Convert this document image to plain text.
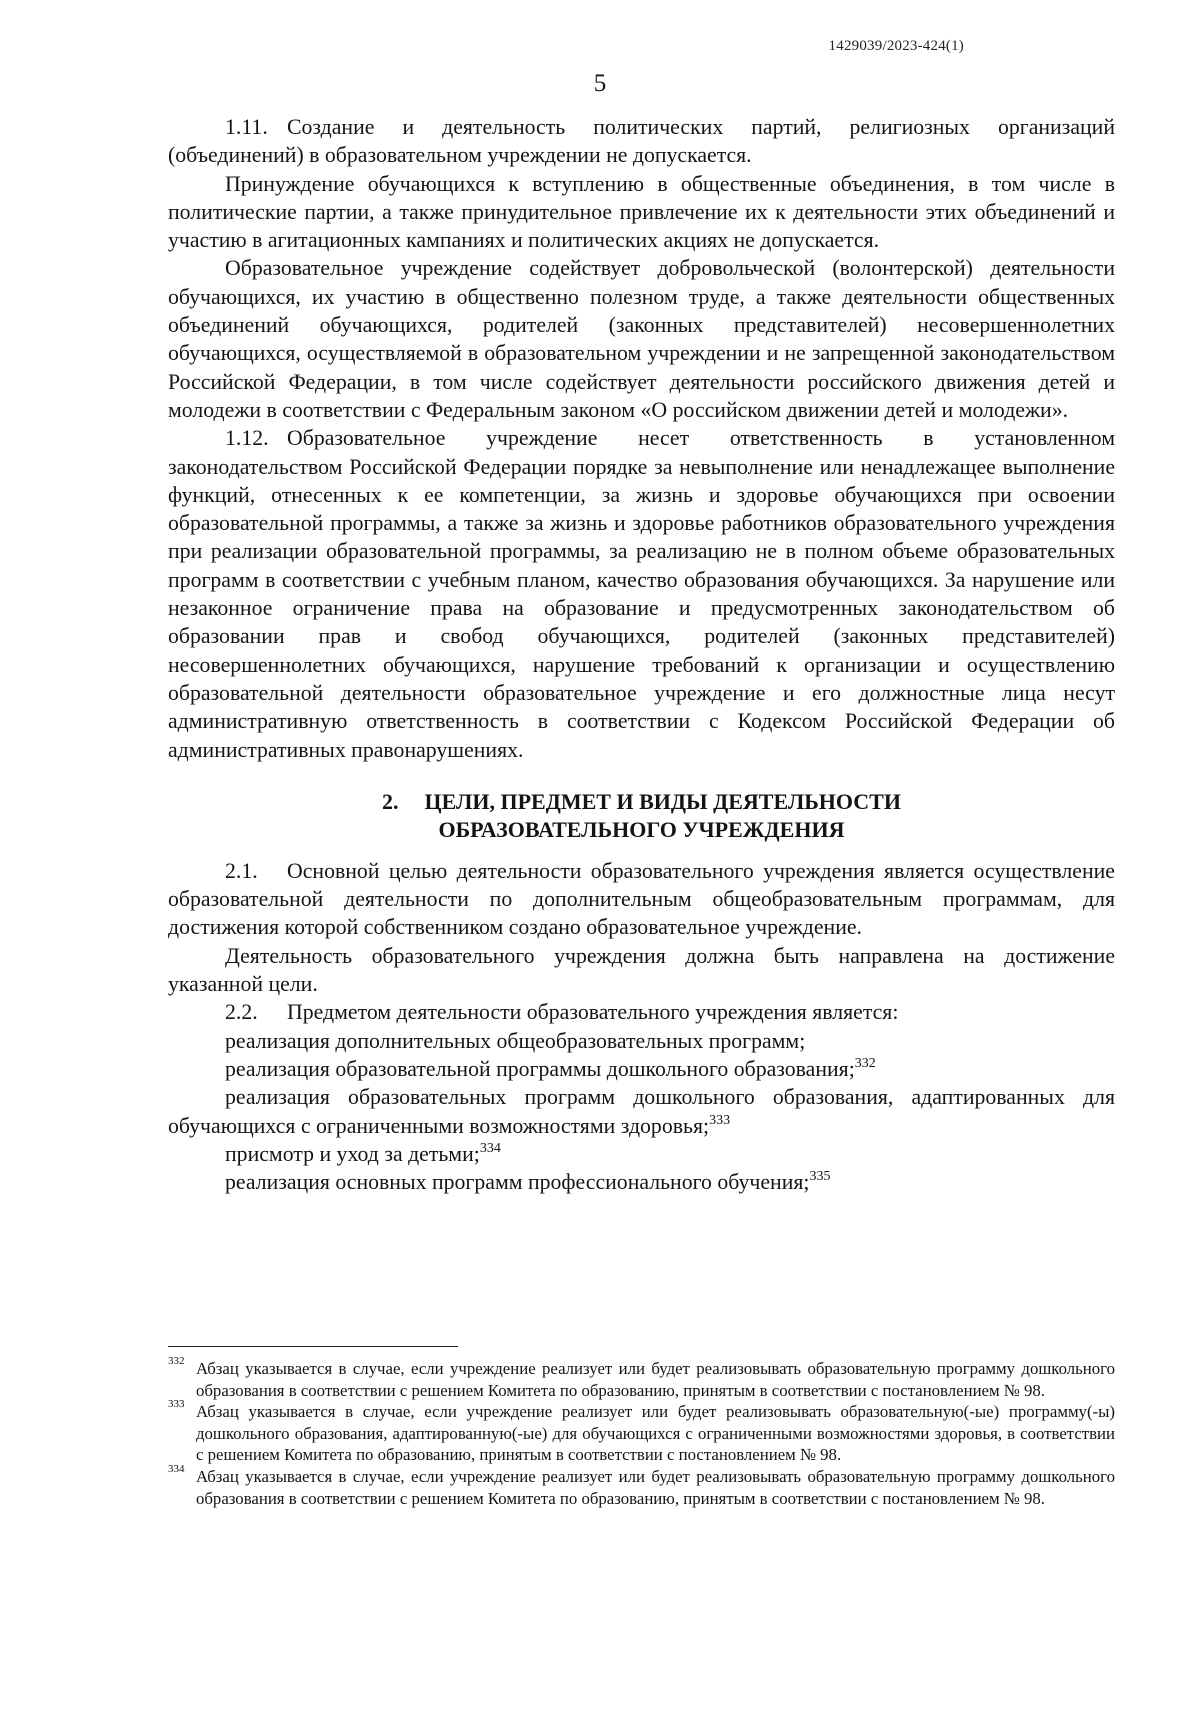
1429039/2023-424(1)
5

1.11. Создание и деятельность политических партий, религиозных организаций (объединений) в образовательном учреждении не допускается.

Принуждение обучающихся к вступлению в общественные объединения, в том числе в политические партии, а также принудительное привлечение их к деятельности этих объединений и участию в агитационных кампаниях и политических акциях не допускается.

Образовательное учреждение содействует добровольческой (волонтерской) деятельности обучающихся, их участию в общественно полезном труде, а также деятельности общественных объединений обучающихся, родителей (законных представителей) несовершеннолетних обучающихся, осуществляемой в образовательном учреждении и не запрещенной законодательством Российской Федерации, в том числе содействует деятельности российского движения детей и молодежи в соответствии с Федеральным законом «О российском движении детей и молодежи».

1.12. Образовательное учреждение несет ответственность в установленном законодательством Российской Федерации порядке за невыполнение или ненадлежащее выполнение функций, отнесенных к ее компетенции, за жизнь и здоровье обучающихся при освоении образовательной программы, а также за жизнь и здоровье работников образовательного учреждения при реализации образовательной программы, за реализацию не в полном объеме образовательных программ в соответствии с учебным планом, качество образования обучающихся. За нарушение или незаконное ограничение права на образование и предусмотренных законодательством об образовании прав и свобод обучающихся, родителей (законных представителей) несовершеннолетних обучающихся, нарушение требований к организации и осуществлению образовательной деятельности образовательное учреждение и его должностные лица несут административную ответственность в соответствии с Кодексом Российской Федерации об административных правонарушениях.

2. ЦЕЛИ, ПРЕДМЕТ И ВИДЫ ДЕЯТЕЛЬНОСТИ
ОБРАЗОВАТЕЛЬНОГО УЧРЕЖДЕНИЯ

2.1. Основной целью деятельности образовательного учреждения является осуществление образовательной деятельности по дополнительным общеобразовательным программам, для достижения которой собственником создано образовательное учреждение.

Деятельность образовательного учреждения должна быть направлена на достижение указанной цели.

2.2. Предметом деятельности образовательного учреждения является:

реализация дополнительных общеобразовательных программ;

реализация образовательной программы дошкольного образования;$^{332}$

реализация образовательных программ дошкольного образования, адаптированных для обучающихся с ограниченными возможностями здоровья;$^{333}$

присмотр и уход за детьми;$^{334}$

реализация основных программ профессионального обучения;$^{335}$

332 Абзац указывается в случае, если учреждение реализует или будет реализовывать образовательную программу дошкольного образования в соответствии с решением Комитета по образованию, принятым в соответствии с постановлением № 98.

333 Абзац указывается в случае, если учреждение реализует или будет реализовывать образовательную(-ые) программу(-ы) дошкольного образования, адаптированную(-ые) для обучающихся с ограниченными возможностями здоровья, в соответствии с решением Комитета по образованию, принятым в соответствии с постановлением № 98.

334 Абзац указывается в случае, если учреждение реализует или будет реализовывать образовательную программу дошкольного образования в соответствии с решением Комитета по образованию, принятым в соответствии с постановлением № 98.
